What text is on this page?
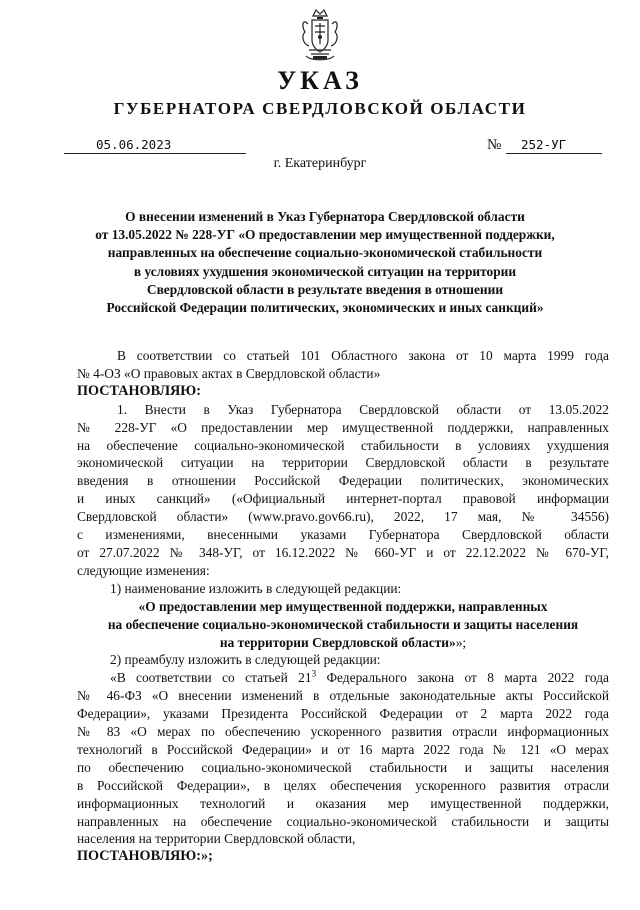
УКАЗ
ГУБЕРНАТОРА СВЕРДЛОВСКОЙ ОБЛАСТИ
05.06.2023	№ 252-УГ
г. Екатеринбург
О внесении изменений в Указ Губернатора Свердловской области
от 13.05.2022 № 228-УГ «О предоставлении мер имущественной поддержки,
направленных на обеспечение социально-экономической стабильности
в условиях ухудшения экономической ситуации на территории
Свердловской области в результате введения в отношении
Российской Федерации политических, экономических и иных санкций»

В соответствии со статьей 101 Областного закона от 10 марта 1999 года

№ 4-ОЗ «О правовых актах в Свердловской области»

ПОСТАНОВЛЯЮ:

1. Внести в Указ Губернатора Свердловской области от 13.05.2022

№ 228-УГ «О предоставлении мер имущественной поддержки, направленных

на обеспечение социально-экономической стабильности в условиях ухудшения

экономической ситуации на территории Свердловской области в результате

введения в отношении Российской Федерации политических, экономических

и иных санкций» («Официальный интернет-портал правовой информации

Свердловской области» (www.pravo.gov66.ru), 2022, 17 мая, № 34556)

с изменениями, внесенными указами Губернатора Свердловской области

от 27.07.2022 № 348-УГ, от 16.12.2022 № 660-УГ и от 22.12.2022 № 670-УГ,

следующие изменения:

1) наименование изложить в следующей редакции:

«О предоставлении мер имущественной поддержки, направленных

на обеспечение социально-экономической стабильности и защиты населения

на территории Свердловской области»»;

2) преамбулу изложить в следующей редакции:

«В соответствии со статьей $21^3$ Федерального закона от 8 марта 2022 года

№ 46-ФЗ «О внесении изменений в отдельные законодательные акты Российской

Федерации», указами Президента Российской Федерации от 2 марта 2022 года

№ 83 «О мерах по обеспечению ускоренного развития отрасли информационных

технологий в Российской Федерации» и от 16 марта 2022 года № 121 «О мерах

по обеспечению социально-экономической стабильности и защиты населения

в Российской Федерации», в целях обеспечения ускоренного развития отрасли

информационных технологий и оказания мер имущественной поддержки,

направленных на обеспечение социально-экономической стабильности и защиты

населения на территории Свердловской области,

ПОСТАНОВЛЯЮ:»;
